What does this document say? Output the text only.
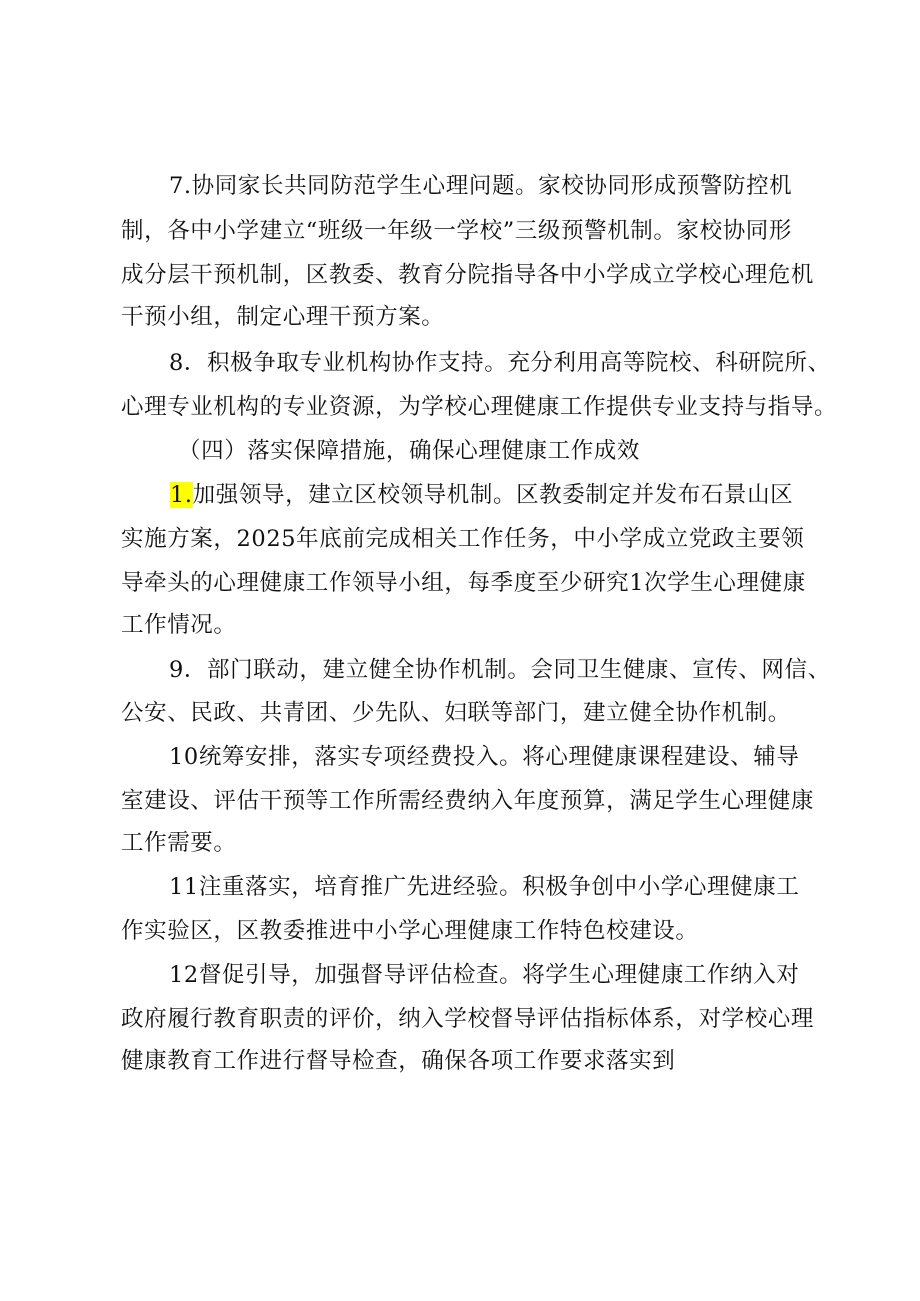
7.协同家长共同防范学生心理问题。家校协同形成预警防控机
制，各中小学建立“班级一年级一学校”三级预警机制。家校协同形
成分层干预机制，区教委、教育分院指导各中小学成立学校心理危机
干预小组，制定心理干预方案。
8．积极争取专业机构协作支持。充分利用高等院校、科研院所、
心理专业机构的专业资源，为学校心理健康工作提供专业支持与指导。
（四）落实保障措施，确保心理健康工作成效
1.加强领导，建立区校领导机制。区教委制定并发布石景山区
实施方案，2025年底前完成相关工作任务，中小学成立党政主要领
导牵头的心理健康工作领导小组，每季度至少研究1次学生心理健康
工作情况。
9．部门联动，建立健全协作机制。会同卫生健康、宣传、网信、
公安、民政、共青团、少先队、妇联等部门，建立健全协作机制。
10统筹安排，落实专项经费投入。将心理健康课程建设、辅导
室建设、评估干预等工作所需经费纳入年度预算，满足学生心理健康
工作需要。
11注重落实，培育推广先进经验。积极争创中小学心理健康工
作实验区，区教委推进中小学心理健康工作特色校建设。
12督促引导，加强督导评估检查。将学生心理健康工作纳入对
政府履行教育职责的评价，纳入学校督导评估指标体系，对学校心理
健康教育工作进行督导检查，确保各项工作要求落实到
